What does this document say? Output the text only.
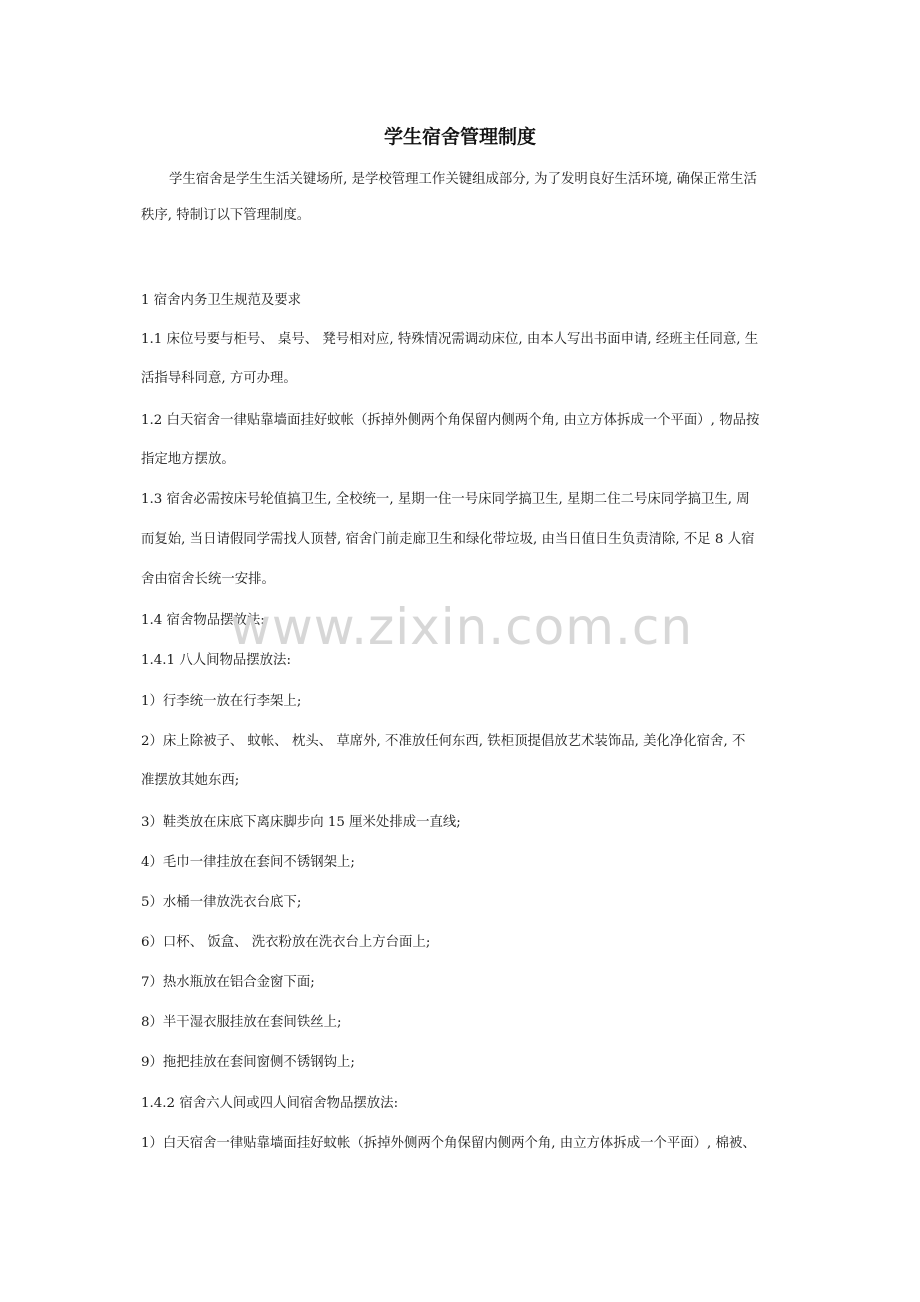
学生宿舍管理制度
学生宿舍是学生生活关键场所, 是学校管理工作关键组成部分, 为了发明良好生活环境, 确保正常生活
秩序, 特制订以下管理制度。
1 宿舍内务卫生规范及要求
1.1 床位号要与柜号、 桌号、 凳号相对应, 特殊情况需调动床位, 由本人写出书面申请, 经班主任同意, 生
活指导科同意, 方可办理。
1.2 白天宿舍一律贴靠墙面挂好蚊帐（拆掉外侧两个角保留内侧两个角, 由立方体拆成一个平面）, 物品按
指定地方摆放。
1.3 宿舍必需按床号轮值搞卫生, 全校统一, 星期一住一号床同学搞卫生, 星期二住二号床同学搞卫生, 周
而复始, 当日请假同学需找人顶替, 宿舍门前走廊卫生和绿化带垃圾, 由当日值日生负责清除, 不足 8 人宿
舍由宿舍长统一安排。
1.4 宿舍物品摆放法:
1.4.1 八人间物品摆放法:
1）行李统一放在行李架上;
2）床上除被子、 蚊帐、 枕头、 草席外, 不准放任何东西, 铁柜顶提倡放艺术装饰品, 美化净化宿舍, 不
准摆放其她东西;
3）鞋类放在床底下离床脚步向 15 厘米处排成一直线;
4）毛巾一律挂放在套间不锈钢架上;
5）水桶一律放洗衣台底下;
6）口杯、 饭盒、 洗衣粉放在洗衣台上方台面上;
7）热水瓶放在铝合金窗下面;
8）半干湿衣服挂放在套间铁丝上;
9）拖把挂放在套间窗侧不锈钢钩上;
1.4.2 宿舍六人间或四人间宿舍物品摆放法:
1）白天宿舍一律贴靠墙面挂好蚊帐（拆掉外侧两个角保留内侧两个角, 由立方体拆成一个平面）, 棉被、
www.zixin.com.cn
